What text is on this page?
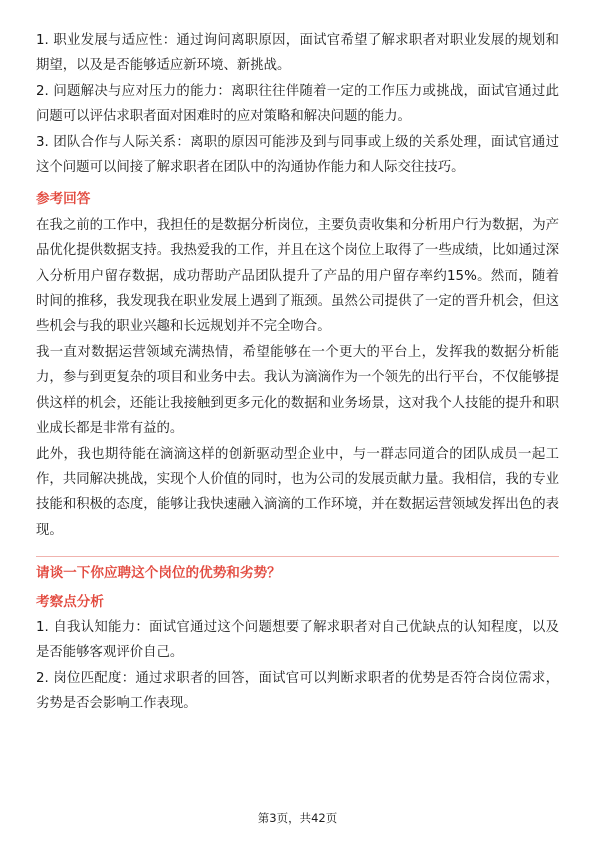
1. 职业发展与适应性：通过询问离职原因，面试官希望了解求职者对职业发展的规划和期望，以及是否能够适应新环境、新挑战。

2. 问题解决与应对压力的能力：离职往往伴随着一定的工作压力或挑战，面试官通过此问题可以评估求职者面对困难时的应对策略和解决问题的能力。

3. 团队合作与人际关系：离职的原因可能涉及到与同事或上级的关系处理，面试官通过这个问题可以间接了解求职者在团队中的沟通协作能力和人际交往技巧。

参考回答

在我之前的工作中，我担任的是数据分析岗位，主要负责收集和分析用户行为数据，为产品优化提供数据支持。我热爱我的工作，并且在这个岗位上取得了一些成绩，比如通过深入分析用户留存数据，成功帮助产品团队提升了产品的用户留存率约15%。然而，随着时间的推移，我发现我在职业发展上遇到了瓶颈。虽然公司提供了一定的晋升机会，但这些机会与我的职业兴趣和长远规划并不完全吻合。

我一直对数据运营领域充满热情，希望能够在一个更大的平台上，发挥我的数据分析能力，参与到更复杂的项目和业务中去。我认为滴滴作为一个领先的出行平台，不仅能够提供这样的机会，还能让我接触到更多元化的数据和业务场景，这对我个人技能的提升和职业成长都是非常有益的。

此外，我也期待能在滴滴这样的创新驱动型企业中，与一群志同道合的团队成员一起工作，共同解决挑战，实现个人价值的同时，也为公司的发展贡献力量。我相信，我的专业技能和积极的态度，能够让我快速融入滴滴的工作环境，并在数据运营领域发挥出色的表现。

请谈一下你应聘这个岗位的优势和劣势？

考察点分析

1. 自我认知能力：面试官通过这个问题想要了解求职者对自己优缺点的认知程度，以及是否能够客观评价自己。

2. 岗位匹配度：通过求职者的回答，面试官可以判断求职者的优势是否符合岗位需求，劣势是否会影响工作表现。

第3页，共42页
